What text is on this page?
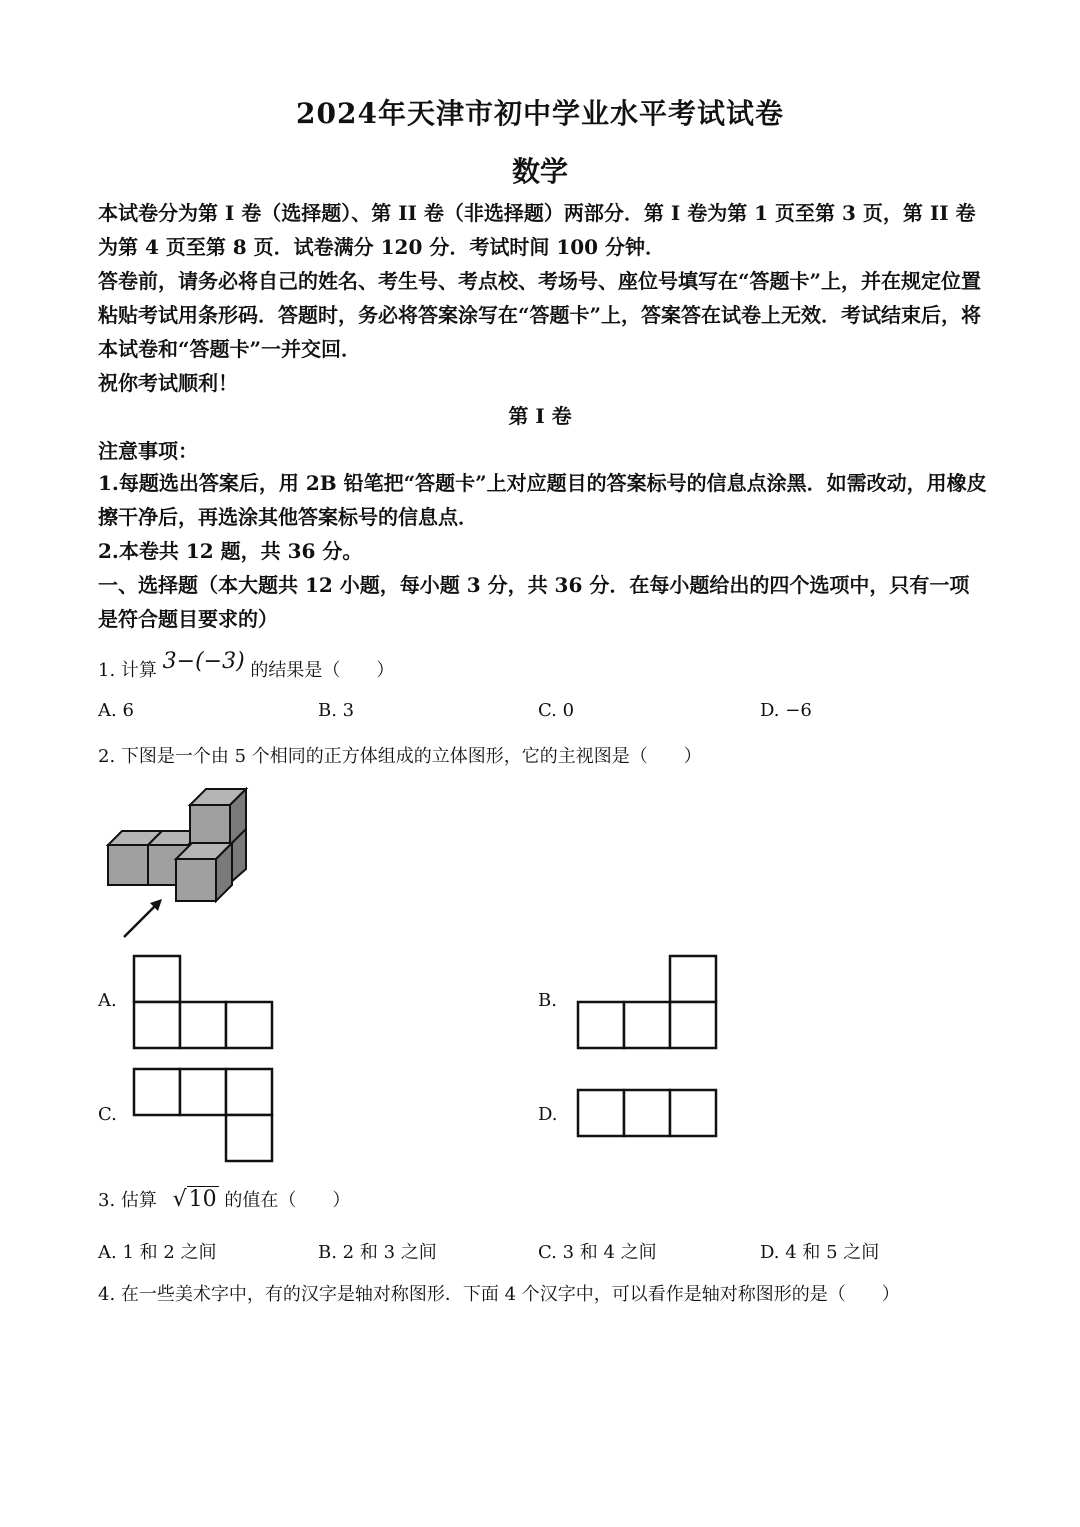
2024年天津市初中学业水平考试试卷
数学
本试卷分为第 I 卷（选择题）、第 II 卷（非选择题）两部分．第 I 卷为第 1 页至第 3 页，第 II 卷为第 4 页至第 8 页．试卷满分 120 分．考试时间 100 分钟．
答卷前，请务必将自己的姓名、考生号、考点校、考场号、座位号填写在“答题卡”上，并在规定位置粘贴考试用条形码．答题时，务必将答案涂写在“答题卡”上，答案答在试卷上无效．考试结束后，将本试卷和“答题卡”一并交回．
祝你考试顺利！
第 I 卷
注意事项：
1.每题选出答案后，用 2B 铅笔把“答题卡”上对应题目的答案标号的信息点涂黑．如需改动，用橡皮擦干净后，再选涂其他答案标号的信息点．
2.本卷共 12 题，共 36 分。
一、选择题（本大题共 12 小题，每小题 3 分，共 36 分．在每小题给出的四个选项中，只有一项是符合题目要求的）
1. 计算 3−(−3) 的结果是（　　）
A. 6	B. 3	C. 0	D. −6
2. 下图是一个由 5 个相同的正方体组成的立体图形，它的主视图是（　　）
A.	B.
C.	D.
3. 估算 √10 的值在（　　）
A. 1 和 2 之间	B. 2 和 3 之间	C. 3 和 4 之间	D. 4 和 5 之间
4. 在一些美术字中，有的汉字是轴对称图形．下面 4 个汉字中，可以看作是轴对称图形的是（　　）
